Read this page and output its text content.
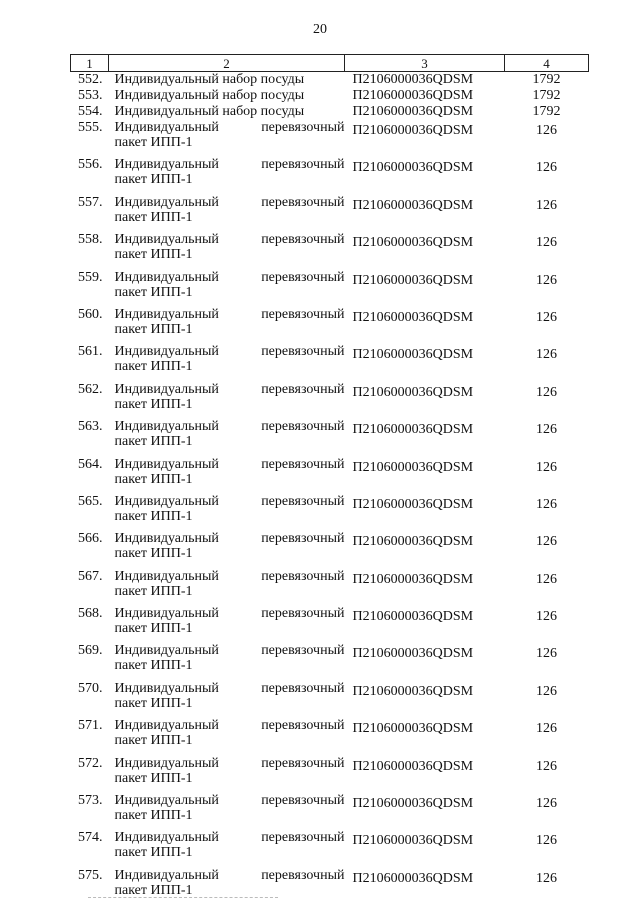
20
1	2	3	4
552.	Индивидуальный набор посуды	П2106000036QDSM	1792
553.	Индивидуальный набор посуды	П2106000036QDSM	1792
554.	Индивидуальный набор посуды	П2106000036QDSM	1792
555.	Индивидуальный перевязочный
пакет ИПП-1	П2106000036QDSM	126
556.	Индивидуальный перевязочный
пакет ИПП-1	П2106000036QDSM	126
557.	Индивидуальный перевязочный
пакет ИПП-1	П2106000036QDSM	126
558.	Индивидуальный перевязочный
пакет ИПП-1	П2106000036QDSM	126
559.	Индивидуальный перевязочный
пакет ИПП-1	П2106000036QDSM	126
560.	Индивидуальный перевязочный
пакет ИПП-1	П2106000036QDSM	126
561.	Индивидуальный перевязочный
пакет ИПП-1	П2106000036QDSM	126
562.	Индивидуальный перевязочный
пакет ИПП-1	П2106000036QDSM	126
563.	Индивидуальный перевязочный
пакет ИПП-1	П2106000036QDSM	126
564.	Индивидуальный перевязочный
пакет ИПП-1	П2106000036QDSM	126
565.	Индивидуальный перевязочный
пакет ИПП-1	П2106000036QDSM	126
566.	Индивидуальный перевязочный
пакет ИПП-1	П2106000036QDSM	126
567.	Индивидуальный перевязочный
пакет ИПП-1	П2106000036QDSM	126
568.	Индивидуальный перевязочный
пакет ИПП-1	П2106000036QDSM	126
569.	Индивидуальный перевязочный
пакет ИПП-1	П2106000036QDSM	126
570.	Индивидуальный перевязочный
пакет ИПП-1	П2106000036QDSM	126
571.	Индивидуальный перевязочный
пакет ИПП-1	П2106000036QDSM	126
572.	Индивидуальный перевязочный
пакет ИПП-1	П2106000036QDSM	126
573.	Индивидуальный перевязочный
пакет ИПП-1	П2106000036QDSM	126
574.	Индивидуальный перевязочный
пакет ИПП-1	П2106000036QDSM	126
575.	Индивидуальный перевязочный
пакет ИПП-1	П2106000036QDSM	126
